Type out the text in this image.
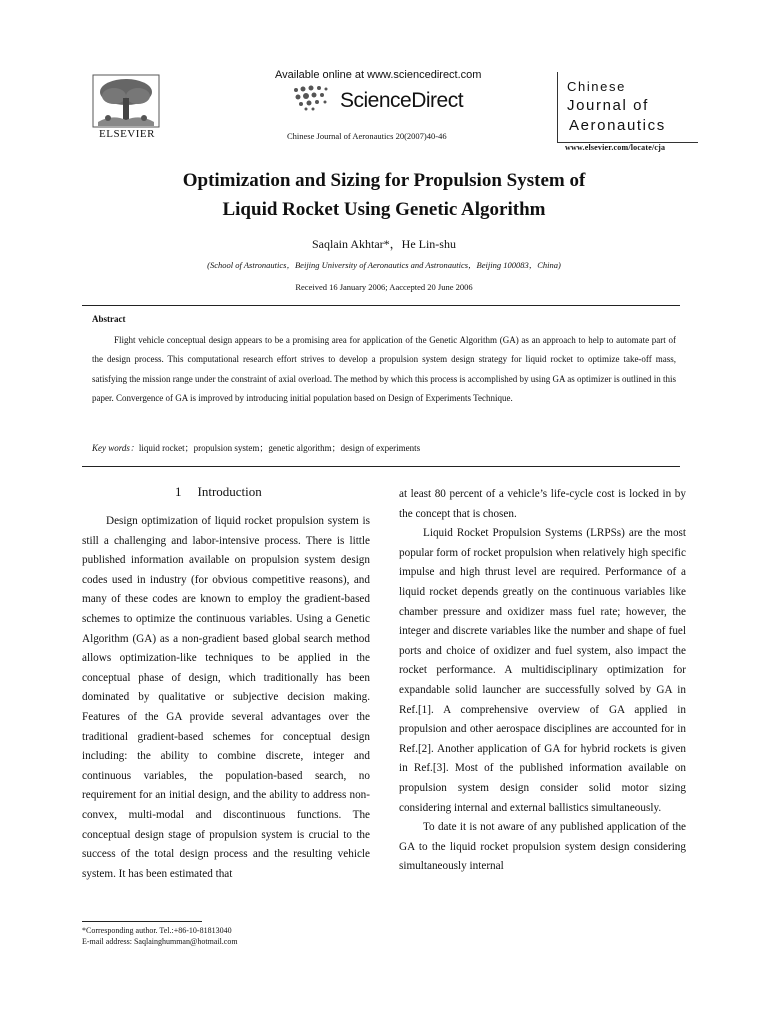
ELSEVIER
Available online at www.sciencedirect.com
ScienceDirect
Chinese Journal of Aeronautics 20(2007)40-46
Chinese
Journal of
Aeronautics
www.elsevier.com/locate/cja
Optimization and Sizing for Propulsion System of
Liquid Rocket Using Genetic Algorithm
Saqlain Akhtar*，He Lin-shu
(School of Astronautics，Beijing University of Aeronautics and Astronautics，Beijing 100083，China)
Received 16 January 2006; Aaccepted 20 June 2006
Abstract
Flight vehicle conceptual design appears to be a promising area for application of the Genetic Algorithm (GA) as an approach to help to automate part of the design process. This computational research effort strives to develop a propulsion system design strategy for liquid rocket to optimize take-off mass, satisfying the mission range under the constraint of axial overload. The method by which this process is accomplished by using GA as optimizer is outlined in this paper. Convergence of GA is improved by introducing initial population based on Design of Experiments Technique.
Key words：liquid rocket；propulsion system；genetic algorithm；design of experiments
1 Introduction

Design optimization of liquid rocket propulsion system is still a challenging and labor-intensive process. There is little published information available on propulsion system design codes used in industry (for obvious competitive reasons), and many of these codes are known to employ the gradient-based schemes to optimize the continuous variables. Using a Genetic Algorithm (GA) as a non-gradient based global search method allows optimization-like techniques to be applied in the conceptual phase of design, which traditionally has been dominated by qualitative or subjective decision making. Features of the GA provide several advantages over the traditional gradient-based schemes for conceptual design including: the ability to combine discrete, integer and continuous variables, the population-based search, no requirement for an initial design, and the ability to address non-convex, multi-modal and discontinuous functions. The conceptual design stage of propulsion system is crucial to the success of the total design process and the resulting vehicle system. It has been estimated that

at least 80 percent of a vehicle’s life-cycle cost is locked in by the concept that is chosen.

Liquid Rocket Propulsion Systems (LRPSs) are the most popular form of rocket propulsion when relatively high specific impulse and high thrust level are required. Performance of a liquid rocket depends greatly on the continuous variables like chamber pressure and oxidizer mass fuel rate; however, the integer and discrete variables like the number and shape of fuel ports and choice of oxidizer and fuel system, also impact the rocket performance. A multidisciplinary optimization for expandable solid launcher are successfully solved by GA in Ref.[1]. A comprehensive overview of GA applied in propulsion and other aerospace disciplines are accounted for in Ref.[2]. Another application of GA for hybrid rockets is given in Ref.[3]. Most of the published information available on propulsion system design consider solid motor sizing considering internal and external ballistics simultaneously.

To date it is not aware of any published application of the GA to the liquid rocket propulsion system design considering simultaneously internal

*Corresponding author. Tel.:+86-10-81813040
E-mail address: Saqlainghumman@hotmail.com
